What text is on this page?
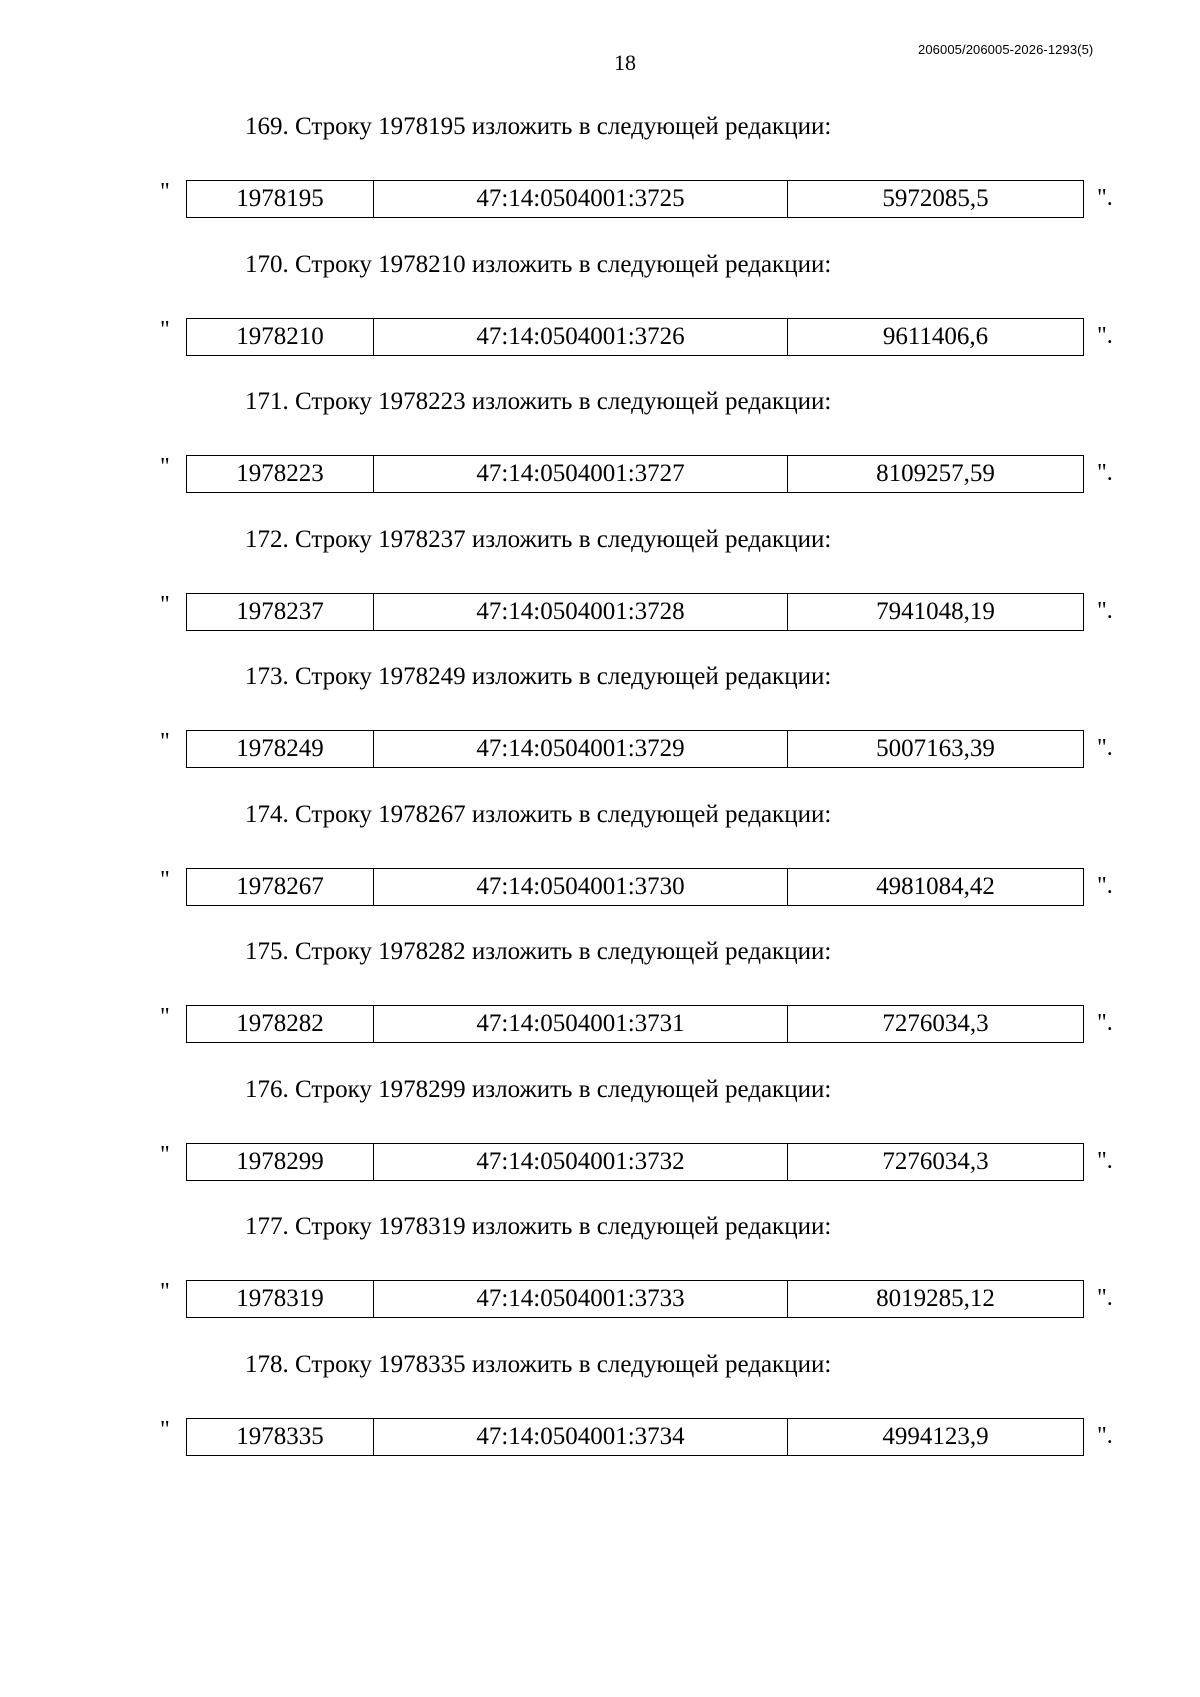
18
206005/206005-2026-1293(5)
169. Строку 1978195 изложить в следующей редакции:
"	1978195	47:14:0504001:3725	5972085,5	".
170. Строку 1978210 изложить в следующей редакции:
"	1978210	47:14:0504001:3726	9611406,6	".
171. Строку 1978223 изложить в следующей редакции:
"	1978223	47:14:0504001:3727	8109257,59	".
172. Строку 1978237 изложить в следующей редакции:
"	1978237	47:14:0504001:3728	7941048,19	".
173. Строку 1978249 изложить в следующей редакции:
"	1978249	47:14:0504001:3729	5007163,39	".
174. Строку 1978267 изложить в следующей редакции:
"	1978267	47:14:0504001:3730	4981084,42	".
175. Строку 1978282 изложить в следующей редакции:
"	1978282	47:14:0504001:3731	7276034,3	".
176. Строку 1978299 изложить в следующей редакции:
"	1978299	47:14:0504001:3732	7276034,3	".
177. Строку 1978319 изложить в следующей редакции:
"	1978319	47:14:0504001:3733	8019285,12	".
178. Строку 1978335 изложить в следующей редакции:
"	1978335	47:14:0504001:3734	4994123,9	".
